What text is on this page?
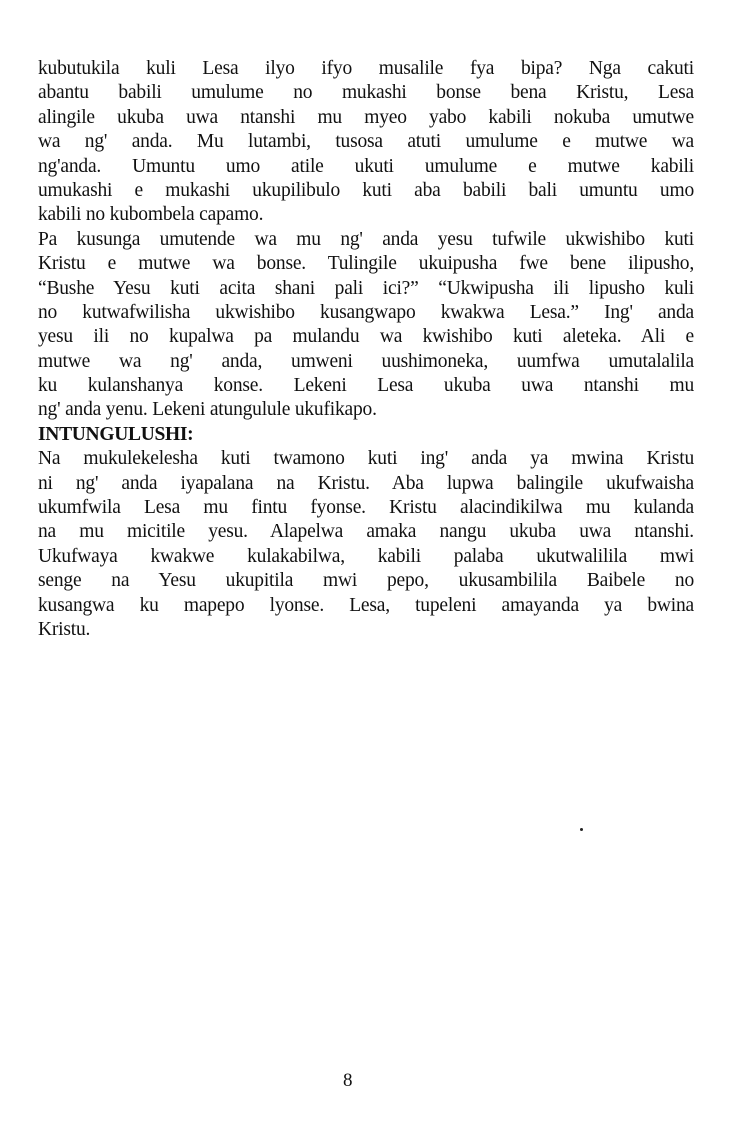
kubutukila kuli Lesa ilyo ifyo musalile fya bipa? Nga cakuti
abantu babili umulume no mukashi bonse bena Kristu, Lesa
alingile ukuba uwa ntanshi mu myeo yabo kabili nokuba umutwe
wa ng' anda. Mu lutambi, tusosa atuti umulume e mutwe wa
ng'anda. Umuntu umo atile ukuti umulume e mutwe kabili
umukashi e mukashi ukupilibulo kuti aba babili bali umuntu umo
kabili no kubombela capamo.
Pa kusunga umutende wa mu ng' anda yesu tufwile ukwishibo kuti
Kristu e mutwe wa bonse. Tulingile ukuipusha fwe bene ilipusho,
“Bushe Yesu kuti acita shani pali ici?” “Ukwipusha ili lipusho kuli
no kutwafwilisha ukwishibo kusangwapo kwakwa Lesa.” Ing' anda
yesu ili no kupalwa pa mulandu wa kwishibo kuti aleteka. Ali e
mutwe wa ng' anda, umweni uushimoneka, uumfwa umutalalila
ku kulanshanya konse. Lekeni Lesa ukuba uwa ntanshi mu
ng' anda yenu. Lekeni atungulule ukufikapo.
INTUNGULUSHI:
Na mukulekelesha kuti twamono kuti ing' anda ya mwina Kristu
ni ng' anda iyapalana na Kristu. Aba lupwa balingile ukufwaisha
ukumfwila Lesa mu fintu fyonse. Kristu alacindikilwa mu kulanda
na mu micitile yesu. Alapelwa amaka nangu ukuba uwa ntanshi.
Ukufwaya kwakwe kulakabilwa, kabili palaba ukutwalilila mwi
senge na Yesu ukupitila mwi pepo, ukusambilila Baibele no
kusangwa ku mapepo lyonse. Lesa, tupeleni amayanda ya bwina
Kristu.
8
